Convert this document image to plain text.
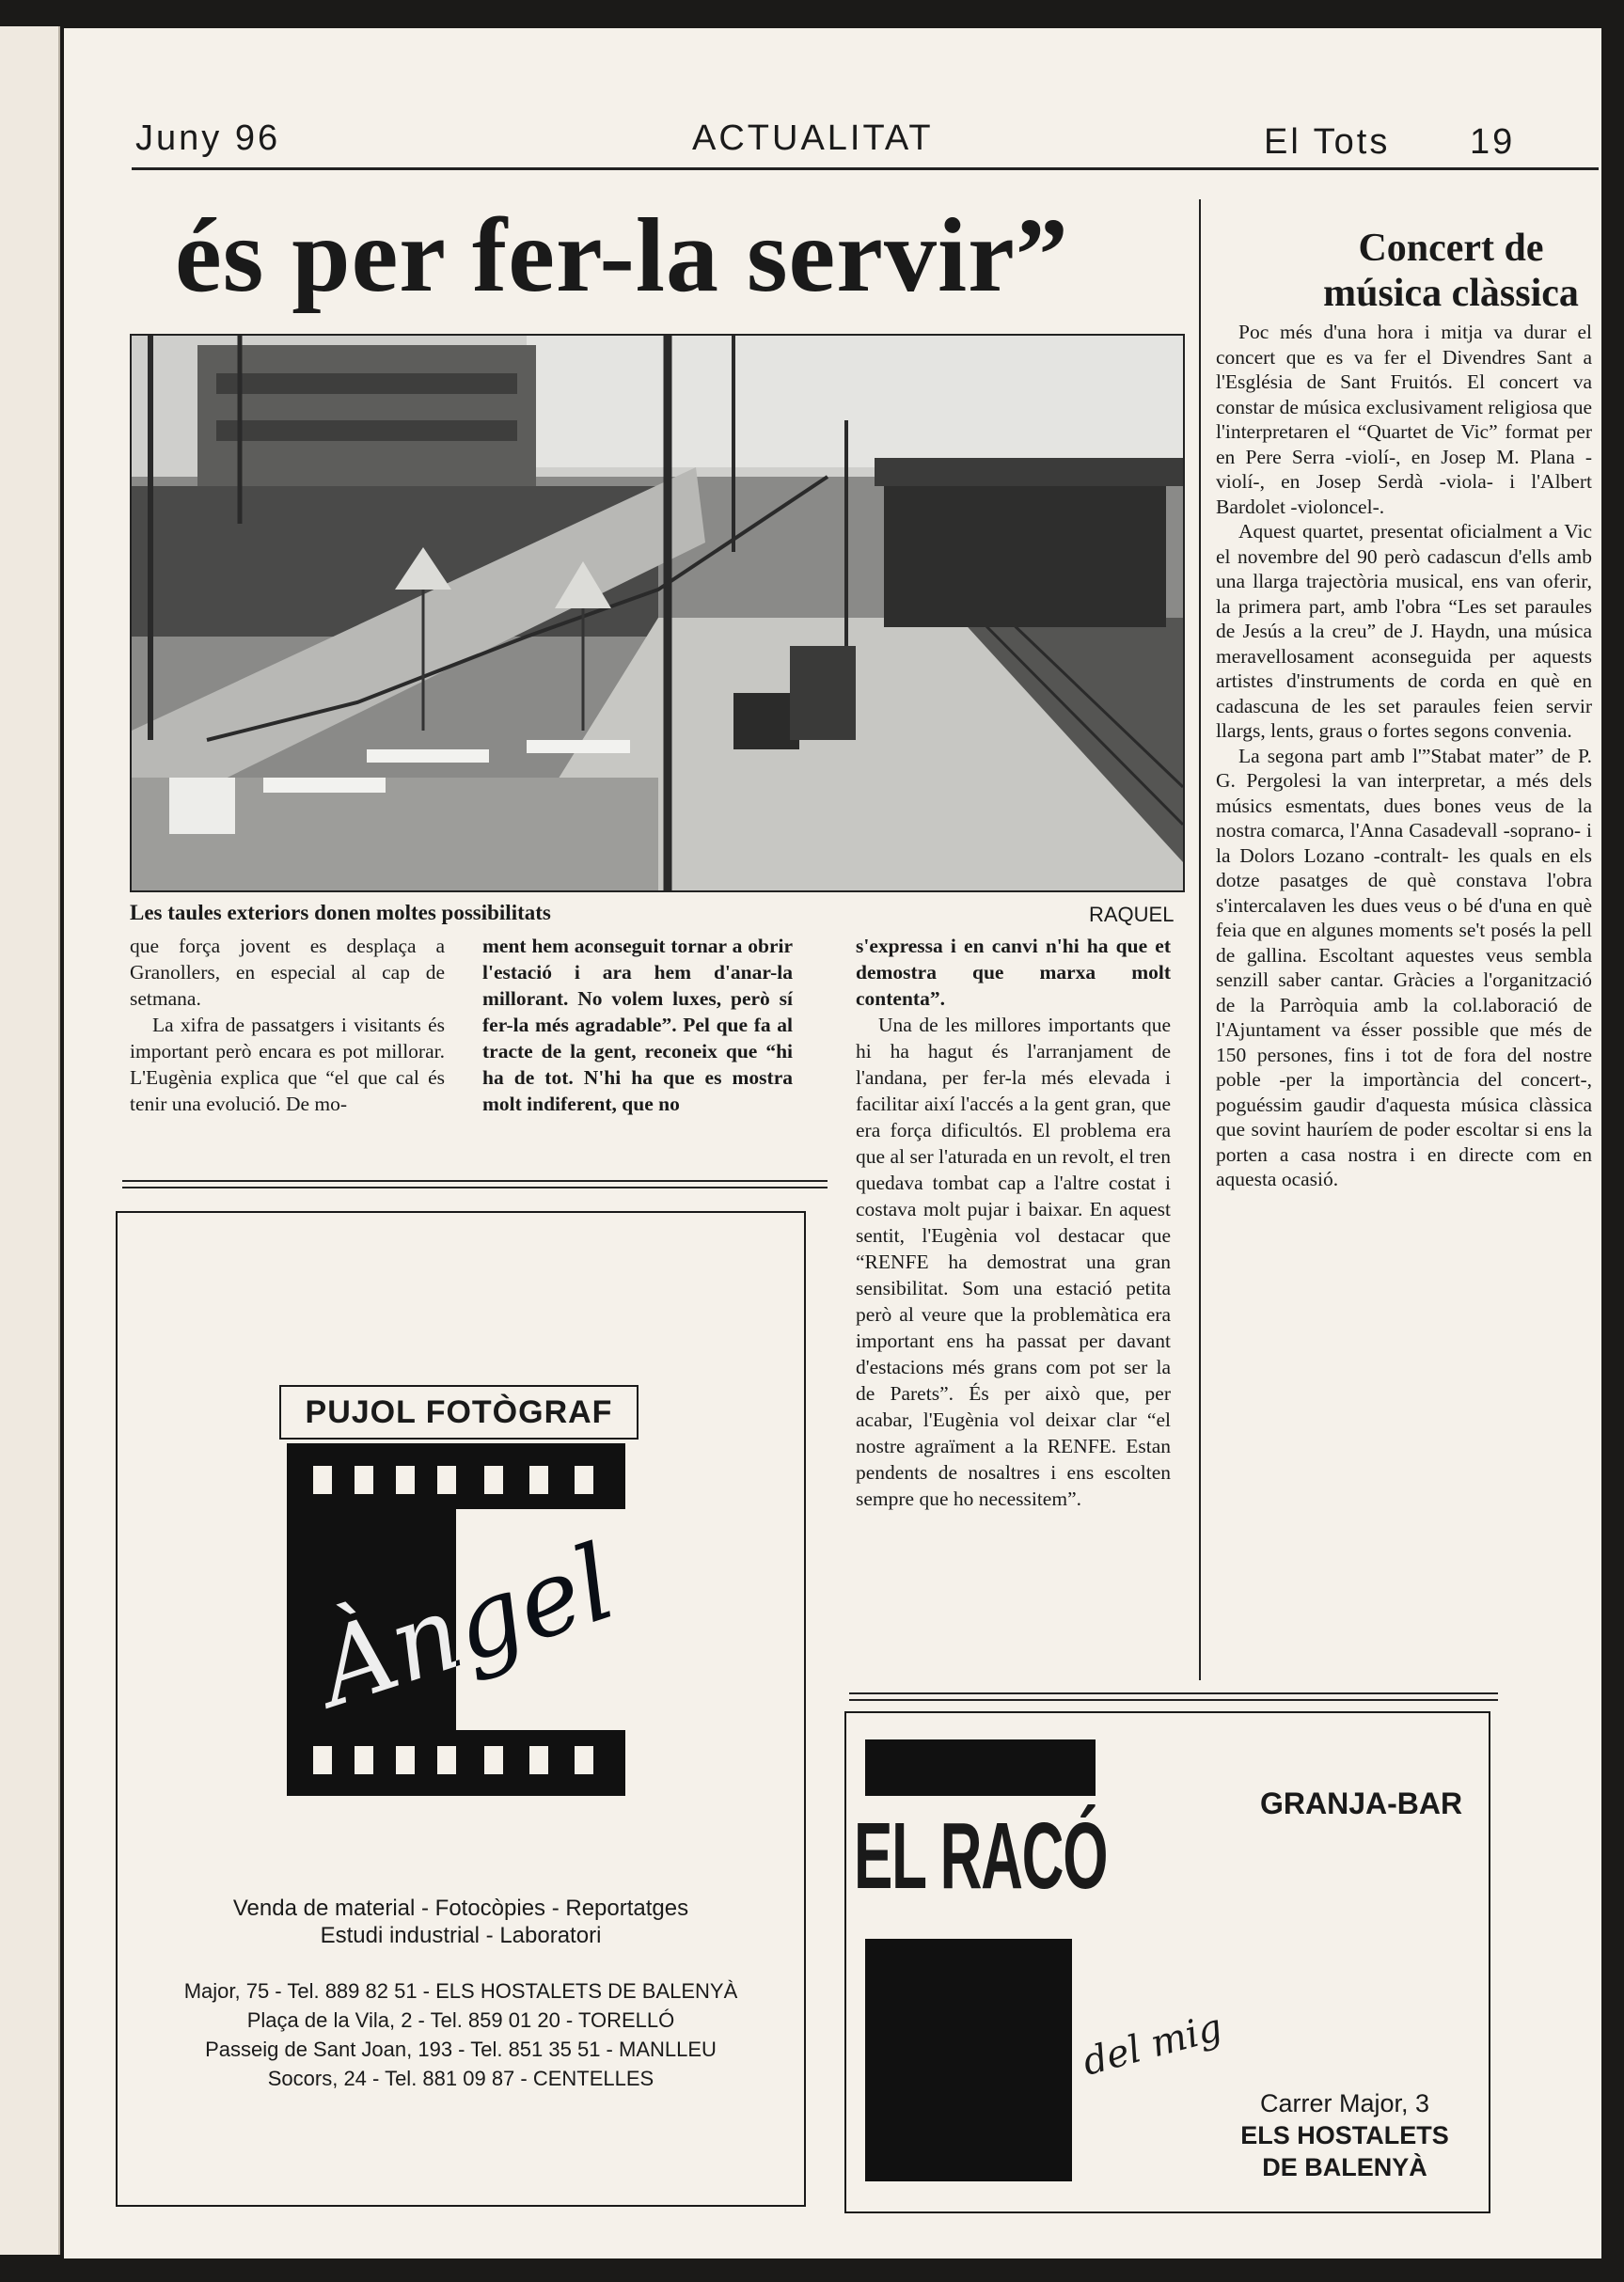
Juny 96	ACTUALITAT	El Tots 19
és per fer-la servir”
Les taules exteriors donen moltes possibilitats	RAQUEL

que força jovent es desplaça a Granollers, en especial al cap de setmana.

La xifra de passatgers i visitants és important però encara es pot millorar. L'Eugènia explica que “el que cal és tenir una evolució. De mo-

ment hem aconseguit tornar a obrir l'estació i ara hem d'anar-la millorant. No volem luxes, però sí fer-la més agradable”. Pel que fa al tracte de la gent, reconeix que “hi ha de tot. N'hi ha que es mostra molt indiferent, que no

s'expressa i en canvi n'hi ha que et demostra que marxa molt contenta”.

Una de les millores importants que hi ha hagut és l'arranjament de l'andana, per fer-la més elevada i facilitar així l'accés a la gent gran, que era força dificultós. El problema era que al ser l'aturada en un revolt, el tren quedava tombat cap a l'altre costat i costava molt pujar i baixar. En aquest sentit, l'Eugènia vol destacar que “RENFE ha demostrat una gran sensibilitat. Som una estació petita però al veure que la problemàtica era important ens ha passat per davant d'estacions més grans com pot ser la de Parets”. És per això que, per acabar, l'Eugènia vol deixar clar “el nostre agraïment a la RENFE. Estan pendents de nosaltres i ens escolten sempre que ho necessitem”.

Concert de
música clàssica

Poc més d'una hora i mitja va durar el concert que es va fer el Divendres Sant a l'Església de Sant Fruitós. El concert va constar de música exclusivament religiosa que l'interpretaren el “Quartet de Vic” format per en Pere Serra -violí-, en Josep M. Plana -violí-, en Josep Serdà -viola- i l'Albert Bardolet -violoncel-.

Aquest quartet, presentat oficialment a Vic el novembre del 90 però cadascun d'ells amb una llarga trajectòria musical, ens van oferir, la primera part, amb l'obra “Les set paraules de Jesús a la creu” de J. Haydn, una música meravellosament aconseguida per aquests artistes d'instruments de corda en què en cadascuna de les set paraules feien servir llargs, lents, graus o fortes segons convenia.

La segona part amb l'”Stabat mater” de P. G. Pergolesi la van interpretar, a més dels músics esmentats, dues bones veus de la nostra comarca, l'Anna Casadevall -soprano- i la Dolors Lozano -contralt- les quals en els dotze pasatges de què constava l'obra s'intercalaven les dues veus o bé d'una en què feia que en algunes moments se't posés la pell de gallina. Escoltant aquestes veus sembla senzill saber cantar. Gràcies a l'organització de la Parròquia amb la col.laboració de l'Ajuntament va ésser possible que més de 150 persones, fins i tot de fora del nostre poble -per la importància del concert-, poguéssim gaudir d'aquesta música clàssica que sovint hauríem de poder escoltar si ens la porten a casa nostra i en directe com en aquesta ocasió.

PUJOL FOTÒGRAF
Àngel
Venda de material - Fotocòpies - Reportatges
Estudi industrial - Laboratori
Major, 75 - Tel. 889 82 51 - ELS HOSTALETS DE BALENYÀ
Plaça de la Vila, 2 - Tel. 859 01 20 - TORELLÓ
Passeig de Sant Joan, 193 - Tel. 851 35 51 - MANLLEU
Socors, 24 - Tel. 881 09 87 - CENTELLES
EL RACÓ
del mig
GRANJA-BAR
Carrer Major, 3
ELS HOSTALETS
DE BALENYÀ
